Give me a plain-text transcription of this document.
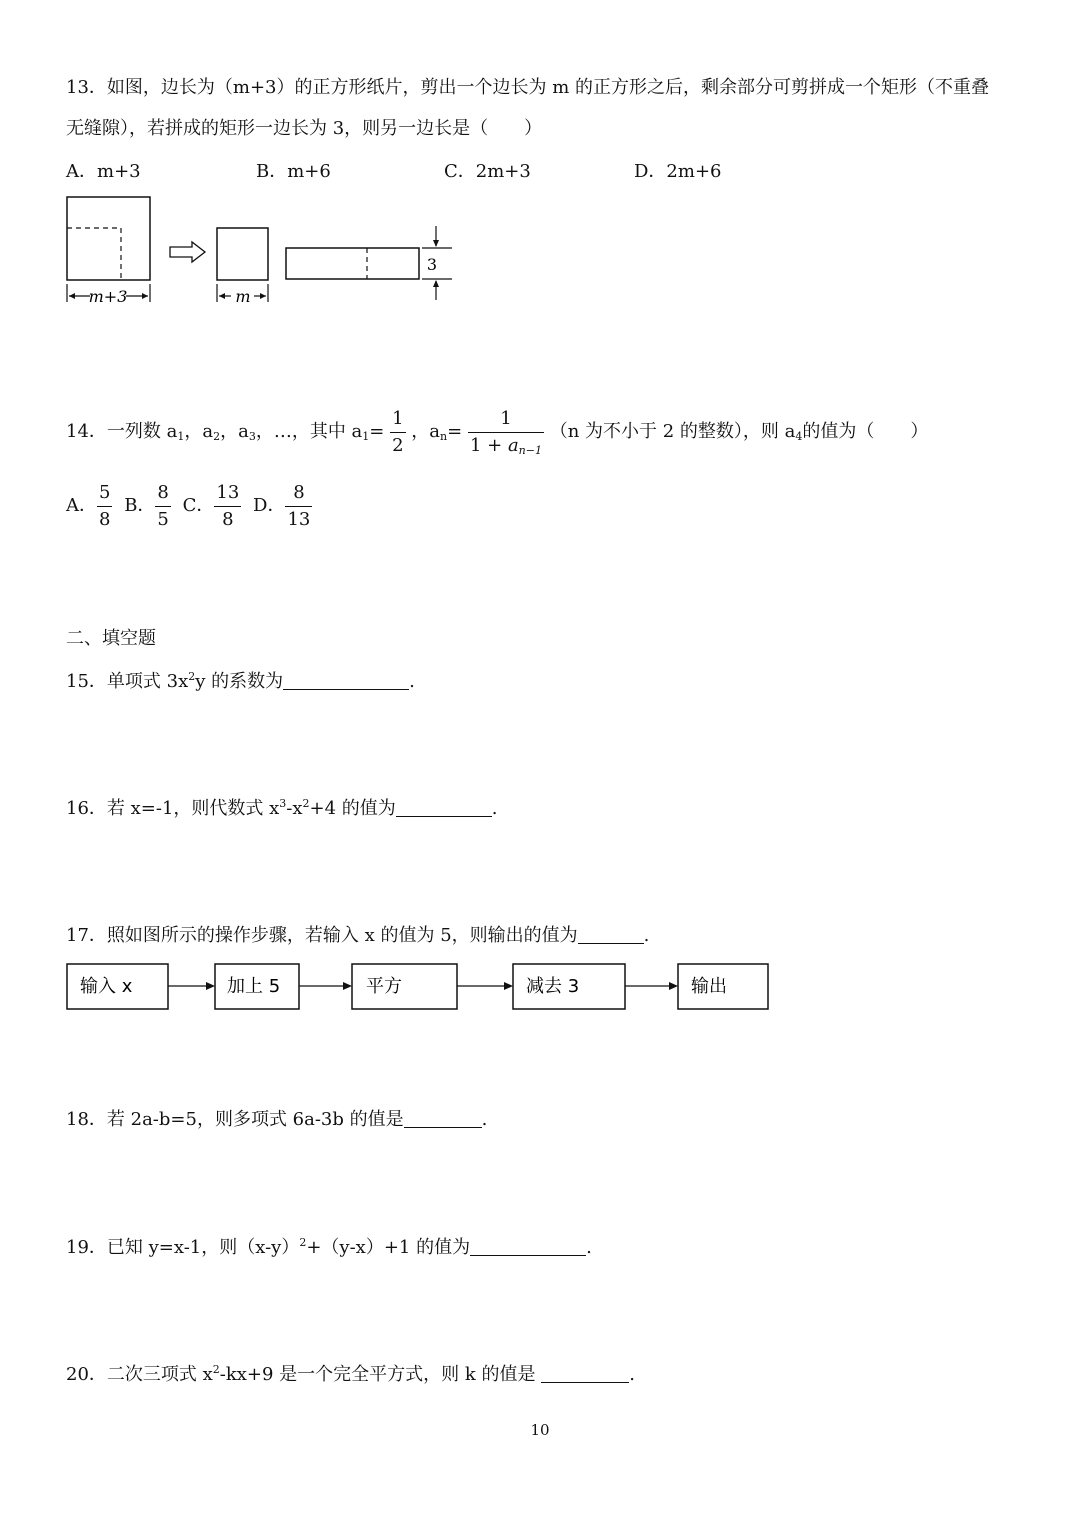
13．如图，边长为（m+3）的正方形纸片，剪出一个边长为 m 的正方形之后，剩余部分可剪拼成一个矩形（不重叠
无缝隙），若拼成的矩形一边长为 3，则另一边长是（　　）
A．m+3	B．m+6	C．2m+3	D．2m+6
m+3	m
3
14．一列数 $a_1$，$a_2$，$a_3$，…，其中 $a_1= \frac{1}{2}$ ，$a_n= \frac{1}{1 + a_{n-1}} (n$ 为不小于 2 的整数），则 $a_4$的值为（　　）
A． $\frac{5}{8}$ B． $\frac{8}{5}$ C． $\frac{13}{8}$ D． $\frac{8}{13}$
二、填空题
15．单项式 $3x^2y$ 的系数为	.
16．若 x=-1，则代数式 $x^3-x^2+4$ 的值为	.
17．照如图所示的操作步骤，若输入 x 的值为 5，则输出的值为	.
输入 x	加上 5	平方	减去 3	输出
18．若 2a-b=5，则多项式 6a-3b 的值是	.
19．已知 y=x-1，则$(x-y)^2+(y-x)+1$ 的值为	.
20．二次三项式 $x^2-kx+9$ 是一个完全平方式，则 k 的值是	.
10
